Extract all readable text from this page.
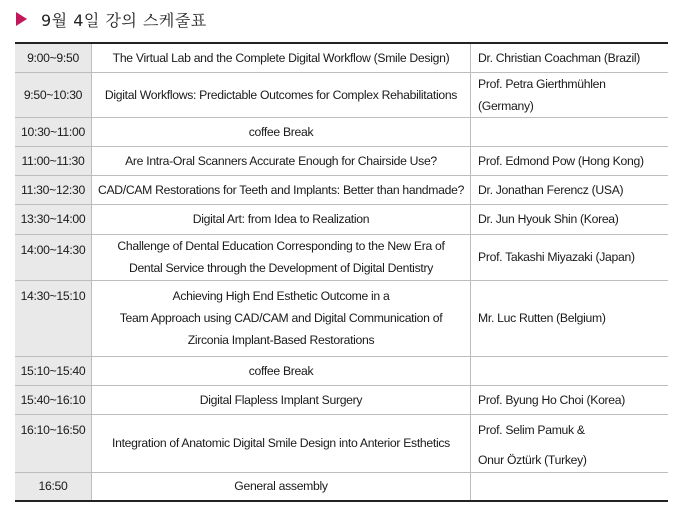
9월 4일 강의 스케줄표
9:00~9:50	The Virtual Lab and the Complete Digital Workflow (Smile Design)	Dr. Christian Coachman (Brazil)

9:50~10:30	Digital Workflows: Predictable Outcomes for Complex Rehabilitations	Prof. Petra Gierthmühlen (Germany)

10:30~11:00	coffee Break	

11:00~11:30	Are Intra-Oral Scanners Accurate Enough for Chairside Use?	Prof. Edmond Pow (Hong Kong)

11:30~12:30	CAD/CAM Restorations for Teeth and Implants: Better than handmade?	Dr. Jonathan Ferencz (USA)

13:30~14:00	Digital Art: from Idea to Realization	Dr. Jun Hyouk Shin (Korea)

14:00~14:30	Challenge of Dental Education Corresponding to the New Era of
Dental Service through the Development of Digital Dentistry	Prof. Takashi Miyazaki (Japan)

14:30~15:10	Achieving High End Esthetic Outcome in a
Team Approach using CAD/CAM and Digital Communication of
Zirconia Implant-Based Restorations	Mr. Luc Rutten (Belgium)

15:10~15:40	coffee Break	

15:40~16:10	Digital Flapless Implant Surgery	Prof. Byung Ho Choi (Korea)

16:10~16:50	Integration of Anatomic Digital Smile Design into Anterior Esthetics	Prof. Selim Pamuk &
Onur Öztürk (Turkey)

16:50	General assembly	
